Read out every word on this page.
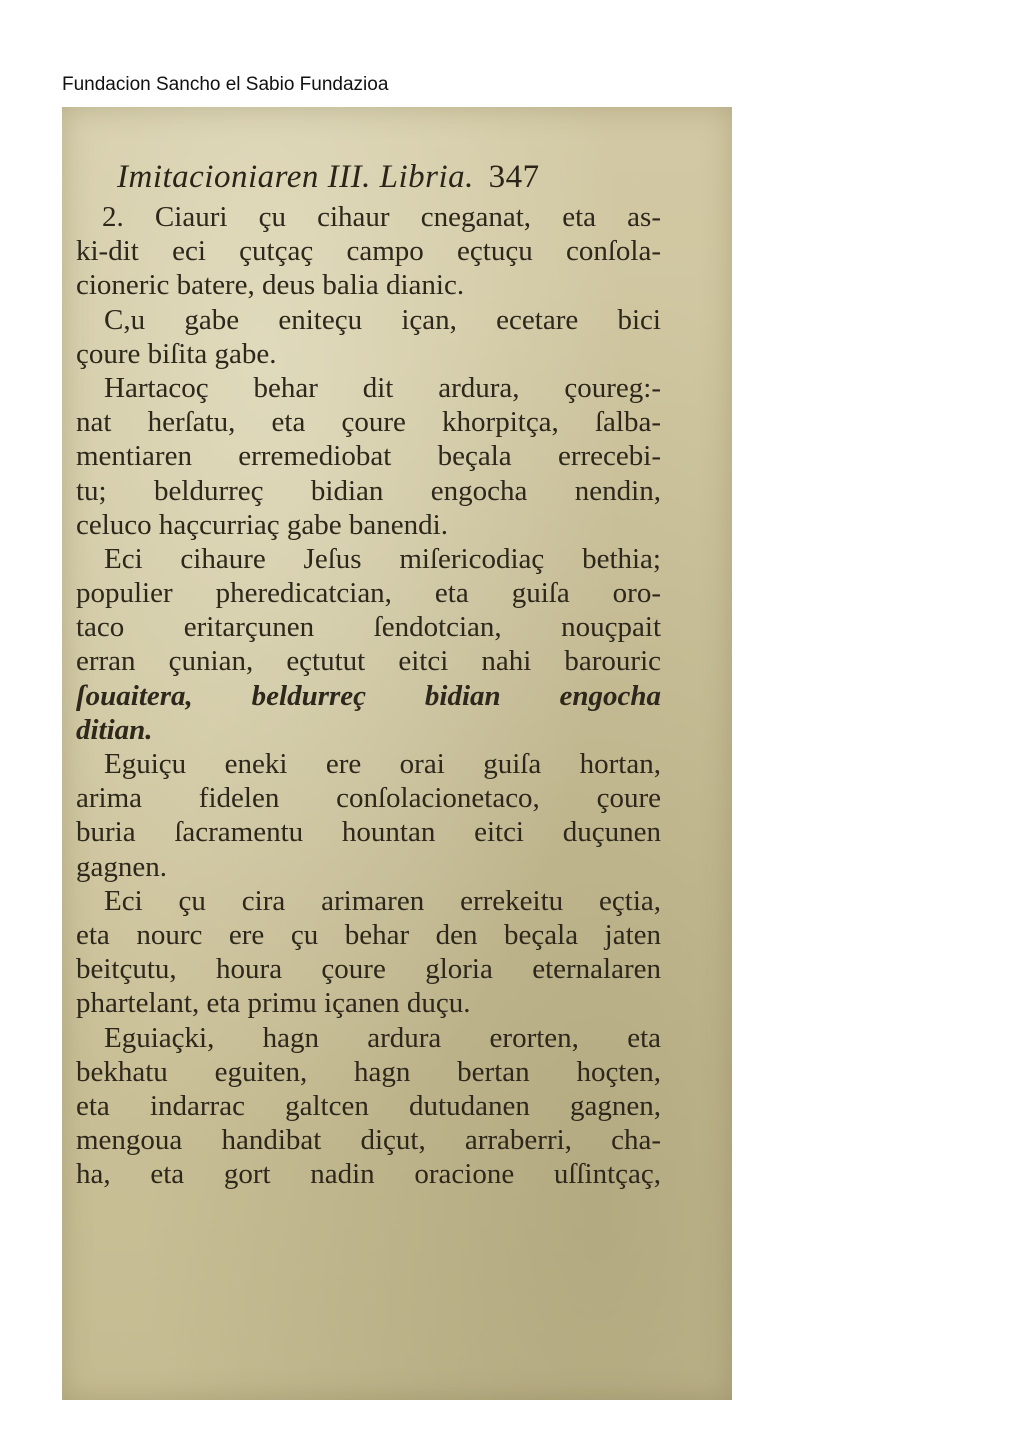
Fundacion Sancho el Sabio Fundazioa
Imitacioniaren III. Libria. 347
2. Ciauri çu cihaur cneganat, eta as-
ki-dit eci çutçaç campo eçtuçu conſola-
cioneric batere, deus balia dianic.
C,u gabe eniteçu içan, ecetare bici
çoure biſita gabe.
Hartacoç behar dit ardura, çoureg:-
nat herſatu, eta çoure khorpitça, ſalba-
mentiaren erremediobat beçala errecebi-
tu; beldurreç bidian engocha nendin,
celuco haçcurriaç gabe banendi.
Eci cihaure Jeſus miſericodiaç bethia;
populier pheredicatcian, eta guiſa oro-
taco eritarçunen ſendotcian, nouçpait
erran çunian, eçtutut eitci nahi barouric
ſouaitera, beldurreç bidian engocha
ditian.
Eguiçu eneki ere orai guiſa hortan,
arima fidelen conſolacionetaco, çoure
buria ſacramentu hountan eitci duçunen
gagnen.
Eci çu cira arimaren errekeitu eçtia,
eta nourc ere çu behar den beçala jaten
beitçutu, houra çoure gloria eternalaren
phartelant, eta primu içanen duçu.
Eguiaçki, hagn ardura erorten, eta
bekhatu eguiten, hagn bertan hoçten,
eta indarrac galtcen dutudanen gagnen,
mengoua handibat diçut, arraberri, cha-
ha, eta gort nadin oracione uſſintçaç,
